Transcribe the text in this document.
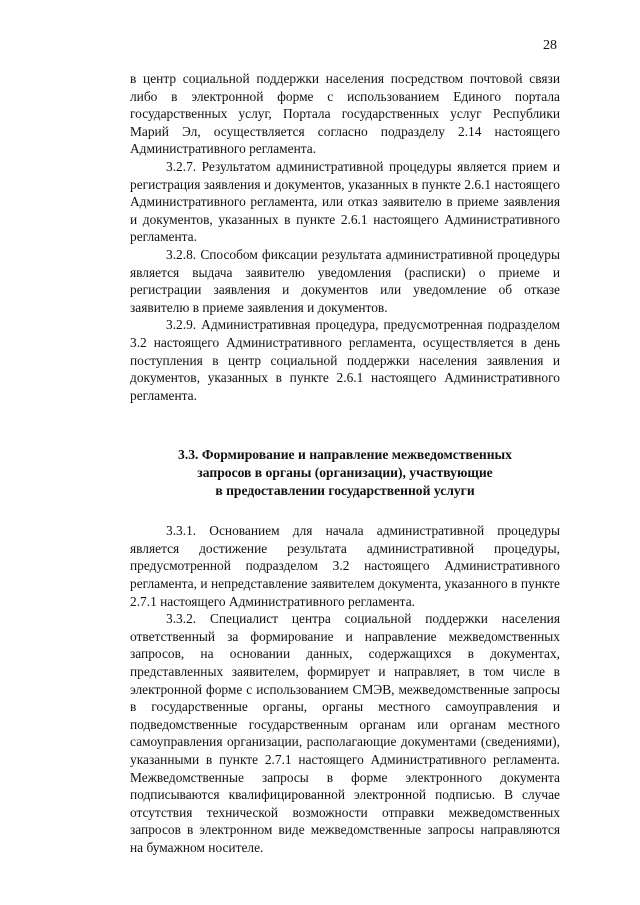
28

в центр социальной поддержки населения посредством почтовой связи либо в электронной форме с использованием Единого портала государственных услуг, Портала государственных услуг Республики Марий Эл, осуществляется согласно подразделу 2.14 настоящего Административного регламента.

3.2.7. Результатом административной процедуры является прием и регистрация заявления и документов, указанных в пункте 2.6.1 настоящего Административного регламента, или отказ заявителю в приеме заявления и документов, указанных в пункте 2.6.1 настоящего Административного регламента.

3.2.8. Способом фиксации результата административной процедуры является выдача заявителю уведомления (расписки) о приеме и регистрации заявления и документов или уведомление об отказе заявителю в приеме заявления и документов.

3.2.9. Административная процедура, предусмотренная подразделом 3.2 настоящего Административного регламента, осуществляется в день поступления в центр социальной поддержки населения заявления и документов, указанных в пункте 2.6.1 настоящего Административного регламента.

3.3. Формирование и направление межведомственных
запросов в органы (организации), участвующие
в предоставлении государственной услуги

3.3.1. Основанием для начала административной процедуры является достижение результата административной процедуры, предусмотренной подразделом 3.2 настоящего Административного регламента, и непредставление заявителем документа, указанного в пункте 2.7.1 настоящего Административного регламента.

3.3.2. Специалист центра социальной поддержки населения ответственный за формирование и направление межведомственных запросов, на основании данных, содержащихся в документах, представленных заявителем, формирует и направляет, в том числе в электронной форме с использованием СМЭВ, межведомственные запросы в государственные органы, органы местного самоуправления и подведомственные государственным органам или органам местного самоуправления организации, располагающие документами (сведениями), указанными в пункте 2.7.1 настоящего Административного регламента. Межведомственные запросы в форме электронного документа подписываются квалифицированной электронной подписью. В случае отсутствия технической возможности отправки межведомственных запросов в электронном виде межведомственные запросы направляются на бумажном носителе.
